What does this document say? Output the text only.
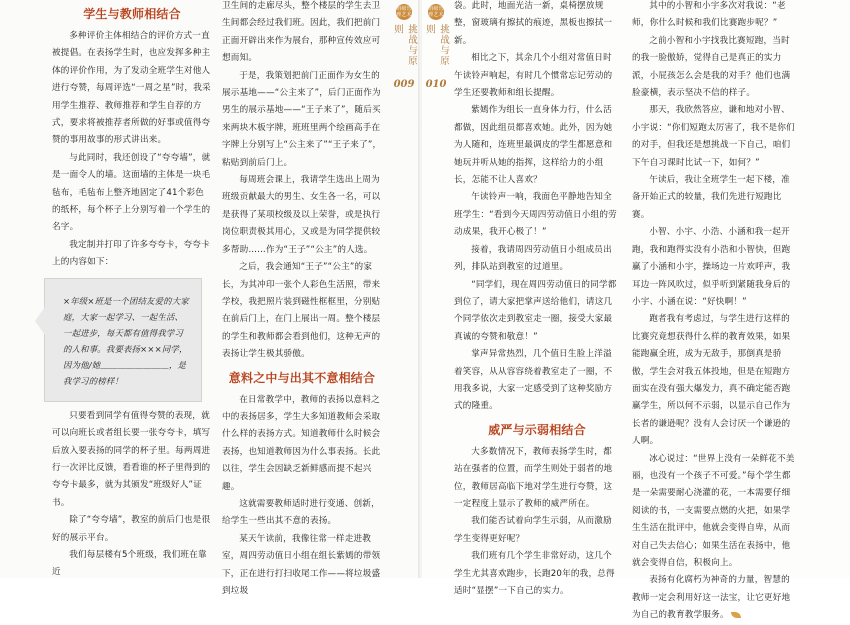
学生与教师相结合

多种评价主体相结合的评价方式一直被提倡。在表扬学生时，也应发挥多种主体的评价作用，为了发动全班学生对他人进行夸赞，每周评选“一周之星”时，我采用学生推荐、教师推荐和学生自荐的方式，要求将被推荐者所做的好事或值得夸赞的事用故事的形式讲出来。

与此同时，我还创设了“夸夸墙”，就是一面令人的墙。这面墙的主体是一块毛毡布，毛毡布上整齐地固定了41个彩色的纸杯，每个杯子上分别写着一个学生的名字。

我定制并打印了许多夸夸卡，夸夸卡上的内容如下：

×年级×班是一个团结友爱的大家庭，大家一起学习、一起生活、一起进步，每天都有值得我学习的人和事。我要表扬×××同学，因为他/她＿＿＿＿＿＿＿＿，是我学习的榜样！

只要看到同学有值得夸赞的表现，就可以向班长或者组长要一张夸夸卡，填写后放入要表扬的同学的杯子里。每两周进行一次评比反馈，看看谁的杯子里得到的夸夸卡最多，就为其颁发“班级好人”证书。

除了“夸夸墙”，教室的前后门也是很好的展示平台。

我们每层楼有5个班级，我们班在靠近

卫生间的走廊尽头，整个楼层的学生去卫生间都会经过我们班。因此，我们把前门正面开辟出来作为展台，那种宣传效应可想而知。

于是，我策划把前门正面作为女生的展示基地——“公主来了”，后门正面作为男生的展示基地——“王子来了”，随后买来两块木板字牌，班班里两个绘画高手在字牌上分别写上“公主来了”“王子来了”，粘贴到前后门上。

每周班会课上，我请学生选出上周为班级贡献最大的男生、女生各一名，可以是获得了某项校级及以上荣誉，或是执行岗位职责极其用心，又或是为同学提供较多帮助……作为“王子”“公主”的人选。

之后，我会通知“王子”“公主”的家长，为其冲印一张个人彩色生活照，带来学校，我把照片装到磁性框框里，分别贴在前后门上，在门上展出一周。整个楼层的学生和教师都会看到他们，这种无声的表扬让学生极其骄傲。

意料之中与出其不意相结合

在日常教学中，教师的表扬以意料之中的表扬居多，学生大多知道教师会采取什么样的表扬方式。知道教师什么时候会表扬，也知道教师因为什么事表扬。长此以往，学生会因缺乏新鲜感而提不起兴趣。

这就需要教师适时进行变通、创新，给学生一些出其不意的表扬。

某天午读前，我像往常一样走进教室，周四劳动值日小组在组长紫嫣的带领下，正在进行打扫收尾工作——将垃圾盛到垃圾

班级管理艺术
挑战与原则
009
班级管理艺术
挑战与原则
010

袋。此时，地面光洁一新，桌椅摆放规整，窗玻璃有擦拭的痕迹，黑板也擦拭一新。

相比之下，其余几个小组对常值日时午读铃声响起，有时几个惯常忘记劳动的学生还要教师和组长提醒。

紫嫣作为组长一直身体力行，什么活都做，因此组员都喜欢她。此外，因为她为人随和，连班里最调皮的学生都愿意和她玩并听从她的指挥，这样给力的小组长，怎能不让人喜欢？

午读铃声一响，我面色平静地告知全班学生：“看到今天周四劳动值日小组的劳动成果，我开心极了！”

接着，我请周四劳动值日小组成员出列，排队站到教室的过道里。

“同学们，现在周四劳动值日的同学都到位了，请大家把掌声送给他们，请这几个同学依次走到教室走一圈，接受大家最真诚的夸赞和敬意！”

掌声异常热烈，几个值日生脸上洋溢着笑容，从从容容绕着教室走了一圈，不用我多说，大家一定感受到了这种奖励方式的隆重。

威严与示弱相结合

大多数情况下，教师表扬学生时，都站在强者的位置，而学生则处于弱者的地位，教师居高临下地对学生进行夸赞，这一定程度上显示了教师的威严所在。

我们能否试着向学生示弱，从而激励学生变得更好呢？

我们班有几个学生非常好动，这几个学生尤其喜欢跑步，长跑20年的我，总得适时“显摆”一下自己的实力。

其中的小智和小宇多次对我说：“老师，你什么时候和我们比赛跑步呢？”

之前小智和小宇找我比赛短跑，当时的我一脸傲娇，觉得自己是真正的实力派，小屁孩怎么会是我的对手？他们也满脸豪横，表示坚决不信的样子。

那天，我欣然答应，谦和地对小智、小宇说：“你们短跑太厉害了，我不是你们的对手，但我还是想挑战一下自己，咱们下午自习课时比试一下，如何？”

午读后，我让全班学生一起下楼，准备开始正式的较量，我们先进行短跑比赛。

小智、小宇、小浩、小涵和我一起开跑，我和跑得实没有小浩和小智快，但跑赢了小涵和小宇，操场边一片欢呼声，我耳边一阵风吹过，似乎听到紧随我身后的小宇、小涵在说：“好快啊！”

跑者我有考虑过，与学生进行这样的比赛究竟想获得什么样的教育效果，如果能跑赢全班，成为无敌手，那倒真是骄傲，学生会对我五体投地，但是在短跑方面实在没有强大爆发力，真不确定能否跑赢学生，所以何不示弱，以显示自己作为长者的谦逊呢？没有人会讨厌一个谦逊的人啊。

冰心说过：“世界上没有一朵鲜花不美丽，也没有一个孩子不可爱。”每个学生都是一朵需要耐心浇灌的花，一本需要仔细阅读的书，一支需要点燃的火把，如果学生生活在批评中，他就会变得自卑，从而对自己失去信心；如果生活在表扬中，他就会变得自信，积极向上。

表扬有化腐朽为神奇的力量，智慧的教师一定会利用好这一法宝，让它更好地为自己的教育教学服务。
